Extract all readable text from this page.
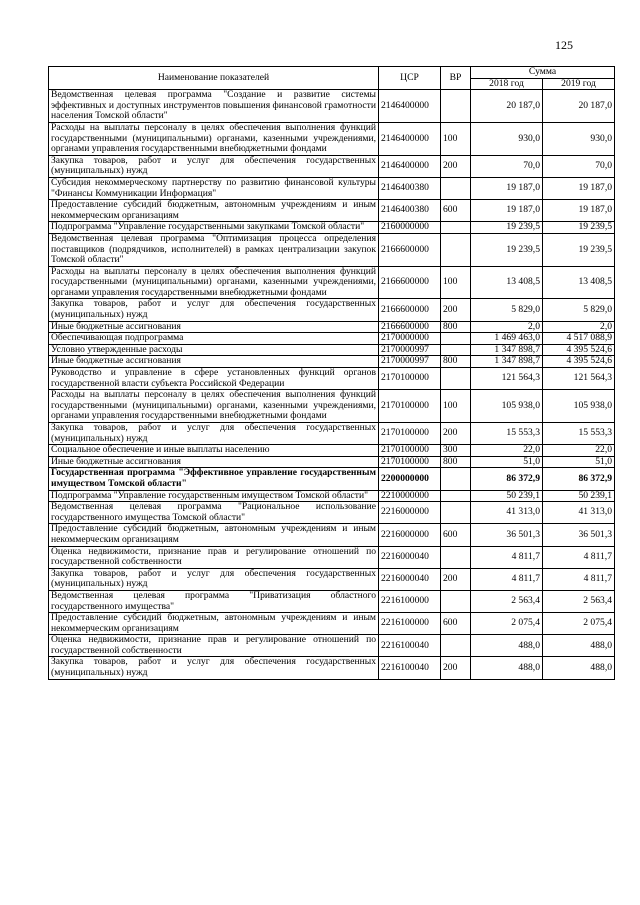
125
Наименование показателей	ЦСР	ВР	Сумма	
			2018 год	2019 год
Ведомственная целевая программа "Создание и развитие системы эффективных и доступных инструментов повышения финансовой грамотности населения Томской области"	2146400000		20 187,0	20 187,0
Расходы на выплаты персоналу в целях обеспечения выполнения функций государственными (муниципальными) органами, казенными учреждениями, органами управления государственными внебюджетными фондами	2146400000	100	930,0	930,0
Закупка товаров, работ и услуг для обеспечения государственных (муниципальных) нужд	2146400000	200	70,0	70,0
Субсидия некоммерческому партнерству по развитию финансовой культуры "Финансы Коммуникации Информация"	2146400380		19 187,0	19 187,0
Предоставление субсидий бюджетным, автономным учреждениям и иным некоммерческим организациям	2146400380	600	19 187,0	19 187,0
Подпрограмма "Управление государственными закупками Томской области"	2160000000		19 239,5	19 239,5
Ведомственная целевая программа "Оптимизация процесса определения поставщиков (подрядчиков, исполнителей) в рамках централизации закупок Томской области"	2166600000		19 239,5	19 239,5
Расходы на выплаты персоналу в целях обеспечения выполнения функций государственными (муниципальными) органами, казенными учреждениями, органами управления государственными внебюджетными фондами	2166600000	100	13 408,5	13 408,5
Закупка товаров, работ и услуг для обеспечения государственных (муниципальных) нужд	2166600000	200	5 829,0	5 829,0
Иные бюджетные ассигнования	2166600000	800	2,0	2,0
Обеспечивающая подпрограмма	2170000000		1 469 463,0	4 517 088,9
Условно утвержденные расходы	2170000997		1 347 898,7	4 395 524,6
Иные бюджетные ассигнования	2170000997	800	1 347 898,7	4 395 524,6
Руководство и управление в сфере установленных функций органов государственной власти субъекта Российской Федерации	2170100000		121 564,3	121 564,3
Расходы на выплаты персоналу в целях обеспечения выполнения функций государственными (муниципальными) органами, казенными учреждениями, органами управления государственными внебюджетными фондами	2170100000	100	105 938,0	105 938,0
Закупка товаров, работ и услуг для обеспечения государственных (муниципальных) нужд	2170100000	200	15 553,3	15 553,3
Социальное обеспечение и иные выплаты населению	2170100000	300	22,0	22,0
Иные бюджетные ассигнования	2170100000	800	51,0	51,0
Государственная программа "Эффективное управление государственным имуществом Томской области"	2200000000		86 372,9	86 372,9
Подпрограмма "Управление государственным имуществом Томской области"	2210000000		50 239,1	50 239,1
Ведомственная целевая программа "Рациональное использование государственного имущества Томской области"	2216000000		41 313,0	41 313,0
Предоставление субсидий бюджетным, автономным учреждениям и иным некоммерческим организациям	2216000000	600	36 501,3	36 501,3
Оценка недвижимости, признание прав и регулирование отношений по государственной собственности	2216000040		4 811,7	4 811,7
Закупка товаров, работ и услуг для обеспечения государственных (муниципальных) нужд	2216000040	200	4 811,7	4 811,7
Ведомственная целевая программа "Приватизация областного государственного имущества"	2216100000		2 563,4	2 563,4
Предоставление субсидий бюджетным, автономным учреждениям и иным некоммерческим организациям	2216100000	600	2 075,4	2 075,4
Оценка недвижимости, признание прав и регулирование отношений по государственной собственности	2216100040		488,0	488,0
Закупка товаров, работ и услуг для обеспечения государственных (муниципальных) нужд	2216100040	200	488,0	488,0
